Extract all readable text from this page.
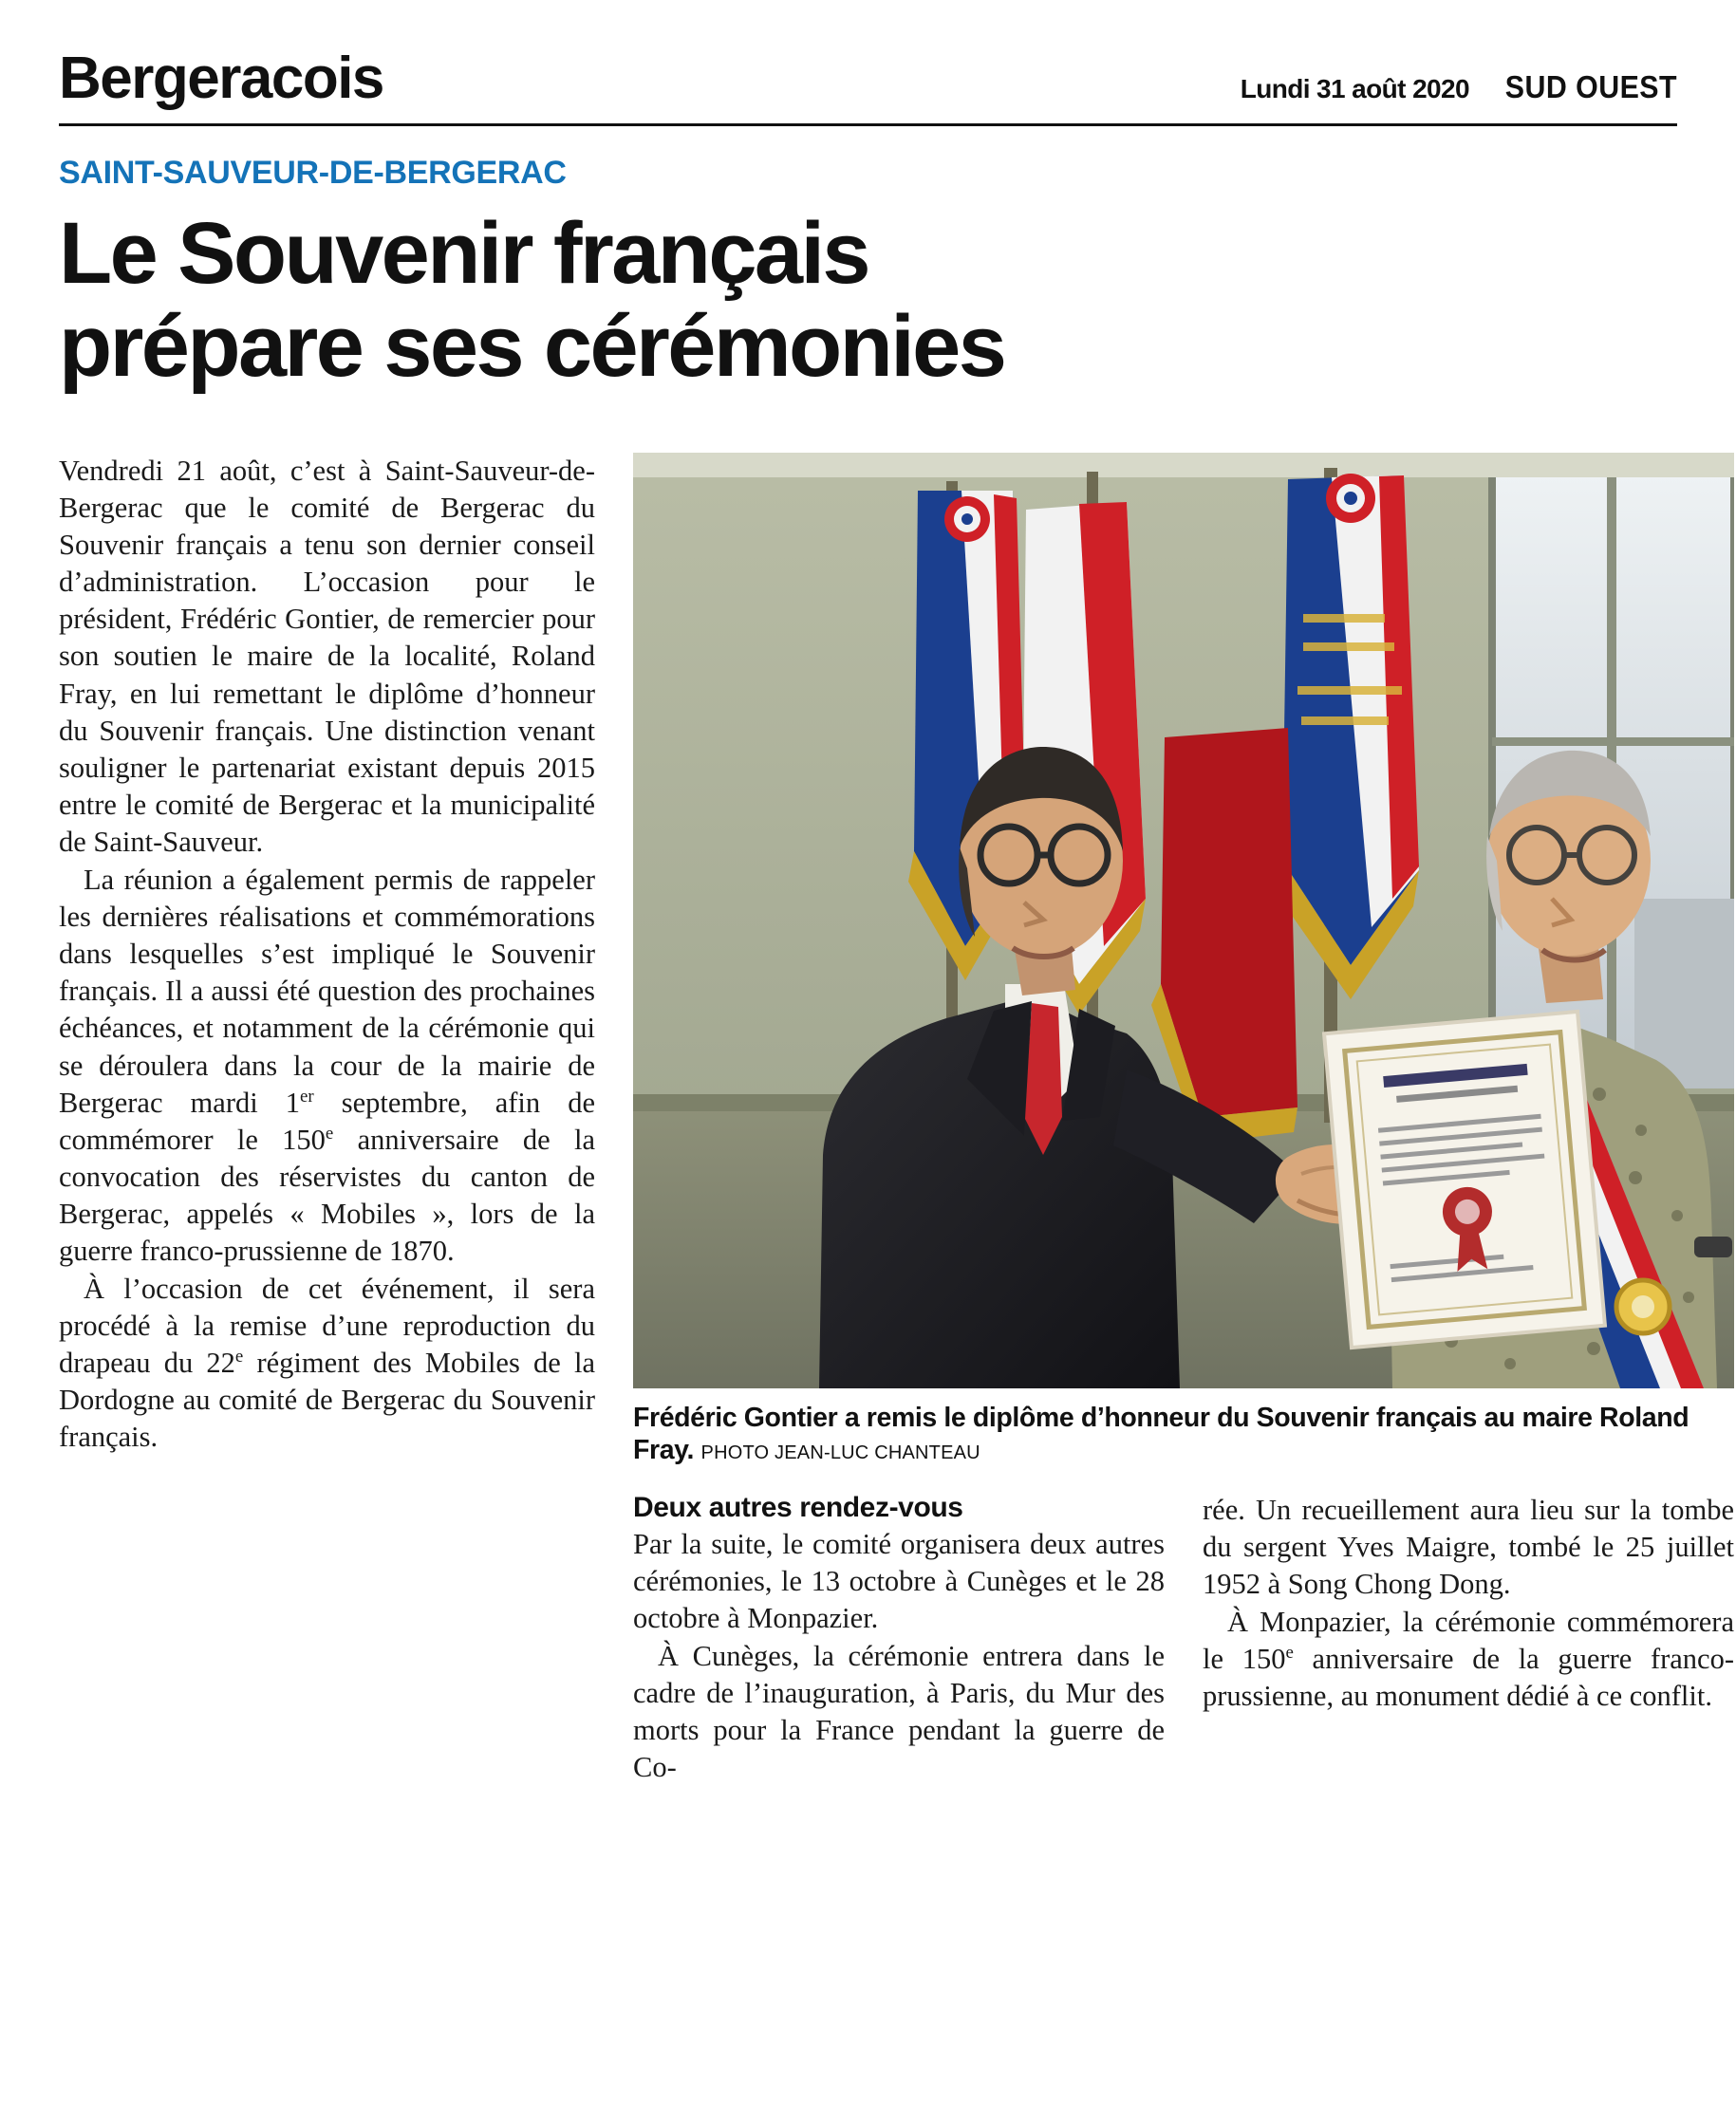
Bergeracois	Lundi 31 août 2020 SUD OUEST
SAINT-SAUVEUR-DE-BERGERAC
Le Souvenir français
prépare ses cérémonies

Vendredi 21 août, c’est à Saint-Sauveur-de-Bergerac que le comité de Bergerac du Souvenir français a tenu son dernier conseil d’administration. L’occasion pour le président, Frédéric Gontier, de remercier pour son soutien le maire de la localité, Roland Fray, en lui remettant le diplôme d’honneur du Souvenir français. Une distinction venant souligner le partenariat existant depuis 2015 entre le comité de Bergerac et la municipalité de Saint-Sauveur.

La réunion a également permis de rappeler les dernières réalisations et commémorations dans lesquelles s’est impliqué le Souvenir français. Il a aussi été question des prochaines échéances, et notamment de la cérémonie qui se déroulera dans la cour de la mairie de Bergerac mardi 1er septembre, afin de commémorer le 150e anniversaire de la convocation des réservistes du canton de Bergerac, appelés « Mobiles », lors de la guerre franco-prussienne de 1870.

À l’occasion de cet événement, il sera procédé à la remise d’une reproduction du drapeau du 22e régiment des Mobiles de la Dordogne au comité de Bergerac du Souvenir français.

Frédéric Gontier a remis le diplôme d’honneur du Souvenir français au maire Roland Fray. PHOTO JEAN-LUC CHANTEAU
Deux autres rendez-vous

Par la suite, le comité organisera deux autres cérémonies, le 13 octobre à Cunèges et le 28 octobre à Monpazier.

À Cunèges, la cérémonie entrera dans le cadre de l’inauguration, à Paris, du Mur des morts pour la France pendant la guerre de Co-

rée. Un recueillement aura lieu sur la tombe du sergent Yves Maigre, tombé le 25 juillet 1952 à Song Chong Dong.

À Monpazier, la cérémonie commémorera le 150e anniversaire de la guerre franco-prussienne, au monument dédié à ce conflit.
